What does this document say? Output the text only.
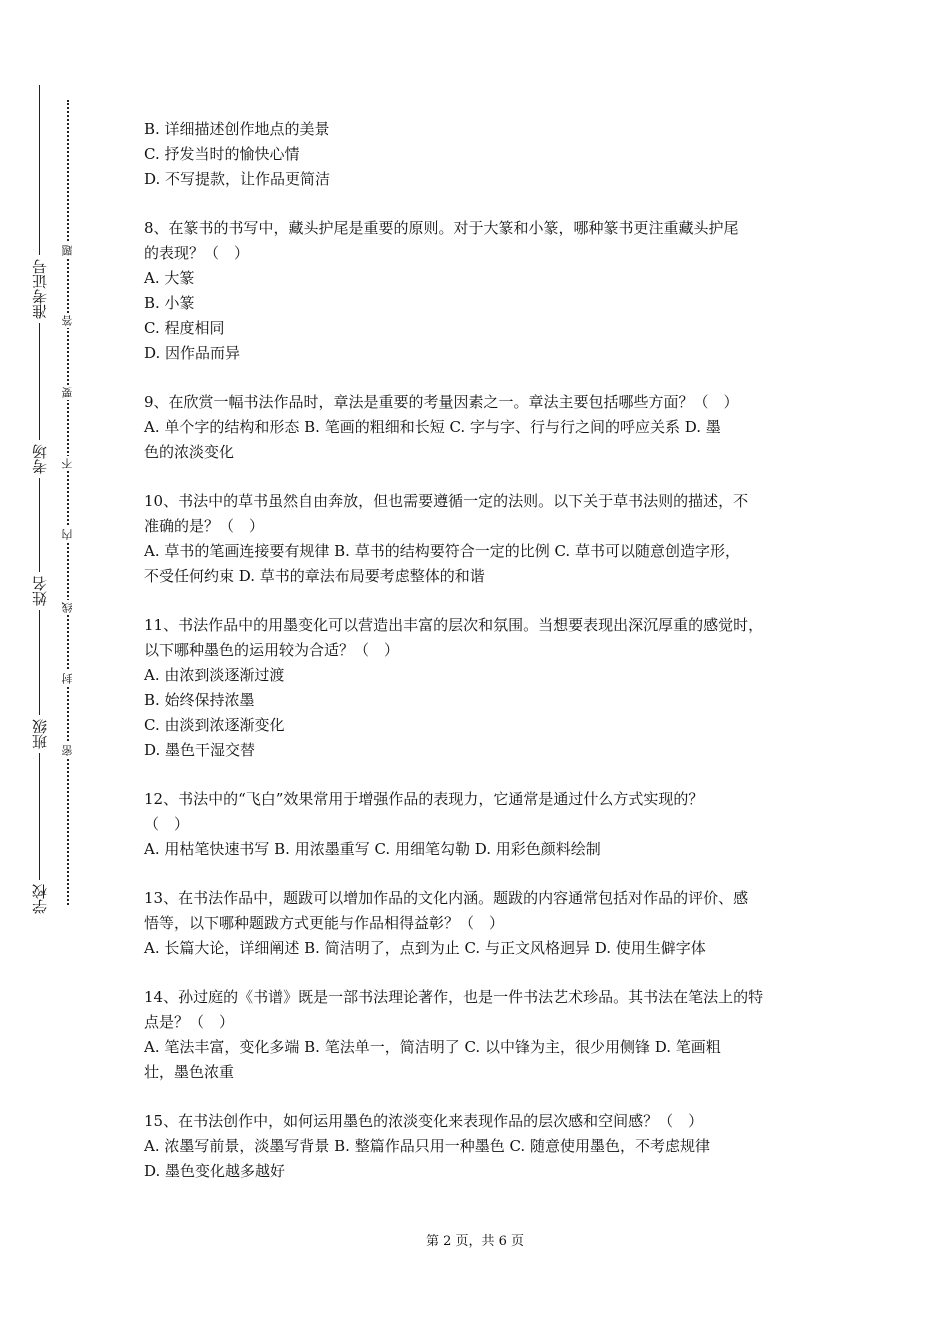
准考证号
考场
姓名
班级
学校
题
答
要
不
内
线
封
密
B. 详细描述创作地点的美景
C. 抒发当时的愉快心情
D. 不写提款，让作品更简洁
8、在篆书的书写中，藏头护尾是重要的原则。对于大篆和小篆，哪种篆书更注重藏头护尾
的表现？（　）
A. 大篆
B. 小篆
C. 程度相同
D. 因作品而异
9、在欣赏一幅书法作品时，章法是重要的考量因素之一。章法主要包括哪些方面？（　）
A. 单个字的结构和形态 B. 笔画的粗细和长短 C. 字与字、行与行之间的呼应关系 D. 墨
色的浓淡变化
10、书法中的草书虽然自由奔放，但也需要遵循一定的法则。以下关于草书法则的描述，不
准确的是？（　）
A. 草书的笔画连接要有规律 B. 草书的结构要符合一定的比例 C. 草书可以随意创造字形，
不受任何约束 D. 草书的章法布局要考虑整体的和谐
11、书法作品中的用墨变化可以营造出丰富的层次和氛围。当想要表现出深沉厚重的感觉时，
以下哪种墨色的运用较为合适？（　）
A. 由浓到淡逐渐过渡
B. 始终保持浓墨
C. 由淡到浓逐渐变化
D. 墨色干湿交替
12、书法中的“飞白”效果常用于增强作品的表现力，它通常是通过什么方式实现的？
（　）
A. 用枯笔快速书写 B. 用浓墨重写 C. 用细笔勾勒 D. 用彩色颜料绘制
13、在书法作品中，题跋可以增加作品的文化内涵。题跋的内容通常包括对作品的评价、感
悟等，以下哪种题跋方式更能与作品相得益彰？（　）
A. 长篇大论，详细阐述 B. 简洁明了，点到为止 C. 与正文风格迥异 D. 使用生僻字体
14、孙过庭的《书谱》既是一部书法理论著作，也是一件书法艺术珍品。其书法在笔法上的特
点是？（　）
A. 笔法丰富，变化多端 B. 笔法单一，简洁明了 C. 以中锋为主，很少用侧锋 D. 笔画粗
壮，墨色浓重
15、在书法创作中，如何运用墨色的浓淡变化来表现作品的层次感和空间感？（　）
A. 浓墨写前景，淡墨写背景 B. 整篇作品只用一种墨色 C. 随意使用墨色，不考虑规律
D. 墨色变化越多越好
第 2 页，共 6 页
